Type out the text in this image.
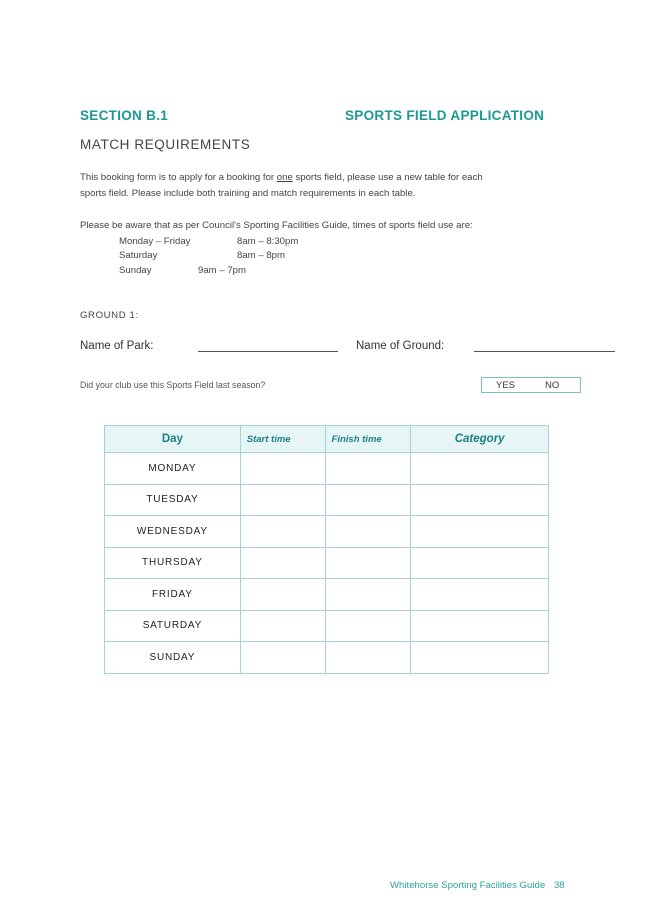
SECTION B.1	SPORTS FIELD APPLICATION
MATCH REQUIREMENTS
This booking form is to apply for a booking for one sports field, please use a new table for each
sports field. Please include both training and match requirements in each table.
Please be aware that as per Council's Sporting Facilities Guide, times of sports field use are:
Monday – Friday	8am – 8:30pm
Saturday	8am – 8pm
Sunday	9am – 7pm
GROUND 1:
Name of Park:	Name of Ground:
Did your club use this Sports Field last season?	YES	NO
Day	Start time	Finish time	Category
MONDAY			
TUESDAY			
WEDNESDAY			
THURSDAY			
FRIDAY			
SATURDAY			
SUNDAY			
Whitehorse Sporting Facilities Guide 38
